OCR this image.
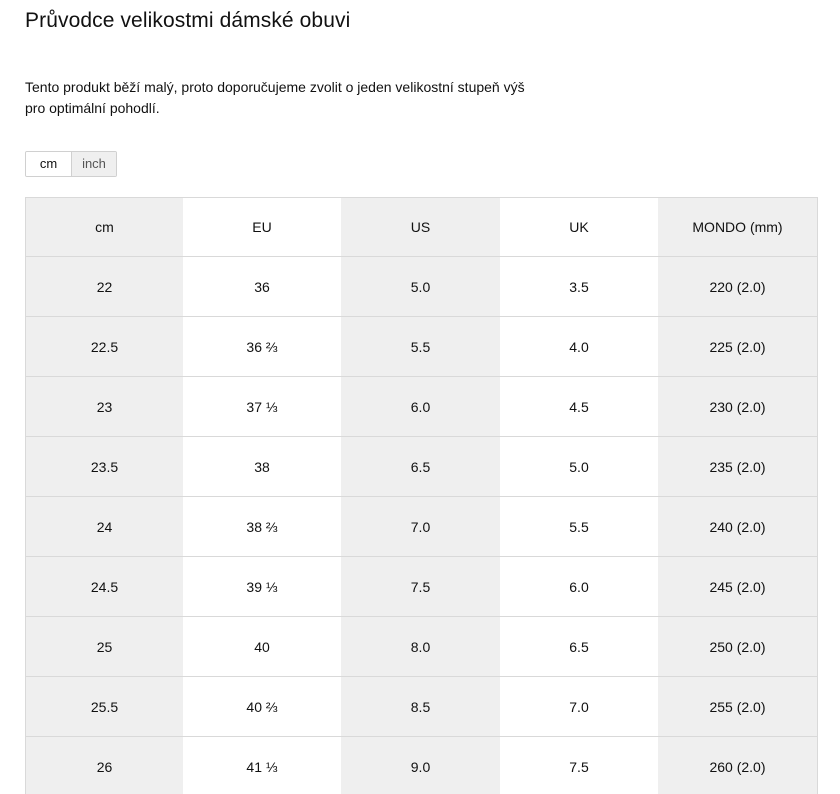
Průvodce velikostmi dámské obuvi

Tento produkt běží malý, proto doporučujeme zvolit o jeden velikostní stupeň výš pro optimální pohodlí.

cm	inch
cm	EU	US	UK	MONDO (mm)
22	36	5.0	3.5	220 (2.0)
22.5	36 ⅔	5.5	4.0	225 (2.0)
23	37 ⅓	6.0	4.5	230 (2.0)
23.5	38	6.5	5.0	235 (2.0)
24	38 ⅔	7.0	5.5	240 (2.0)
24.5	39 ⅓	7.5	6.0	245 (2.0)
25	40	8.0	6.5	250 (2.0)
25.5	40 ⅔	8.5	7.0	255 (2.0)
26	41 ⅓	9.0	7.5	260 (2.0)
